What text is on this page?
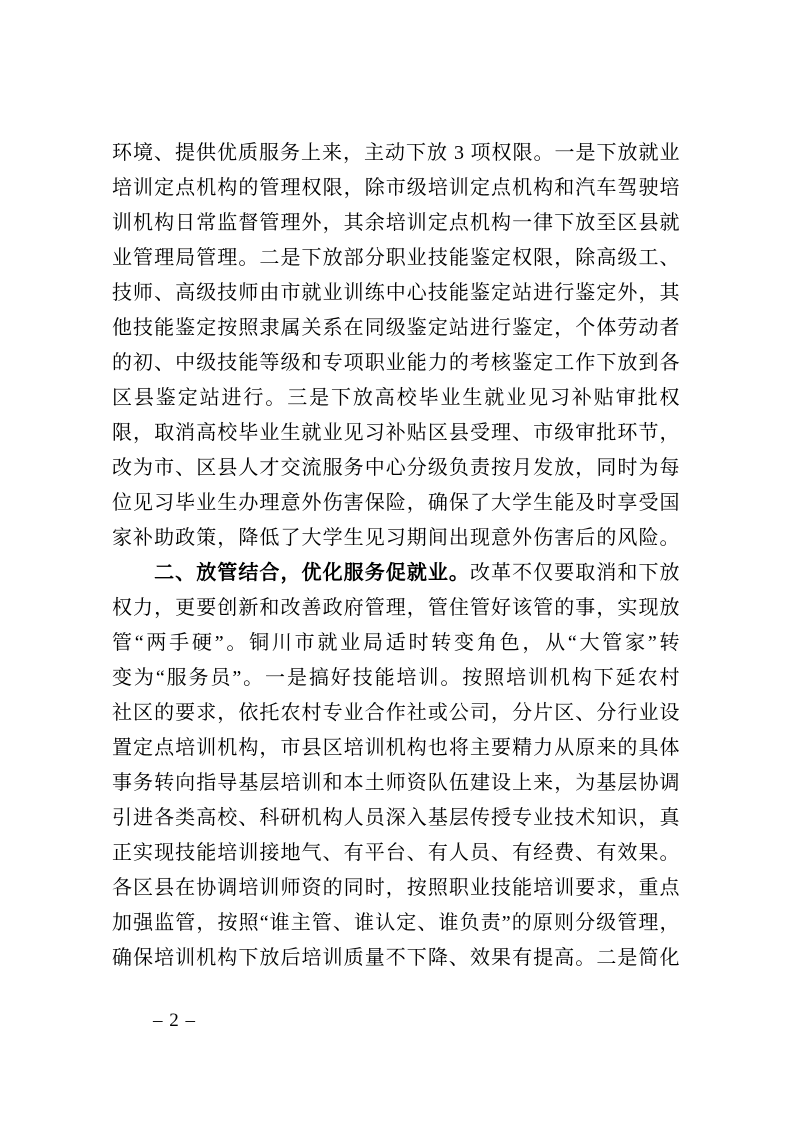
环境、提供优质服务上来，主动下放 3 项权限。一是下放就业
培训定点机构的管理权限，除市级培训定点机构和汽车驾驶培
训机构日常监督管理外，其余培训定点机构一律下放至区县就
业管理局管理。二是下放部分职业技能鉴定权限，除高级工、
技师、高级技师由市就业训练中心技能鉴定站进行鉴定外，其
他技能鉴定按照隶属关系在同级鉴定站进行鉴定，个体劳动者
的初、中级技能等级和专项职业能力的考核鉴定工作下放到各
区县鉴定站进行。三是下放高校毕业生就业见习补贴审批权
限，取消高校毕业生就业见习补贴区县受理、市级审批环节，
改为市、区县人才交流服务中心分级负责按月发放，同时为每
位见习毕业生办理意外伤害保险，确保了大学生能及时享受国
家补助政策，降低了大学生见习期间出现意外伤害后的风险。
　　二、放管结合，优化服务促就业。改革不仅要取消和下放
权力，更要创新和改善政府管理，管住管好该管的事，实现放
管“两手硬”。铜川市就业局适时转变角色，从“大管家”转
变为“服务员”。一是搞好技能培训。按照培训机构下延农村
社区的要求，依托农村专业合作社或公司，分片区、分行业设
置定点培训机构，市县区培训机构也将主要精力从原来的具体
事务转向指导基层培训和本土师资队伍建设上来，为基层协调
引进各类高校、科研机构人员深入基层传授专业技术知识，真
正实现技能培训接地气、有平台、有人员、有经费、有效果。
各区县在协调培训师资的同时，按照职业技能培训要求，重点
加强监管，按照“谁主管、谁认定、谁负责”的原则分级管理，
确保培训机构下放后培训质量不下降、效果有提高。二是简化
– 2 –
